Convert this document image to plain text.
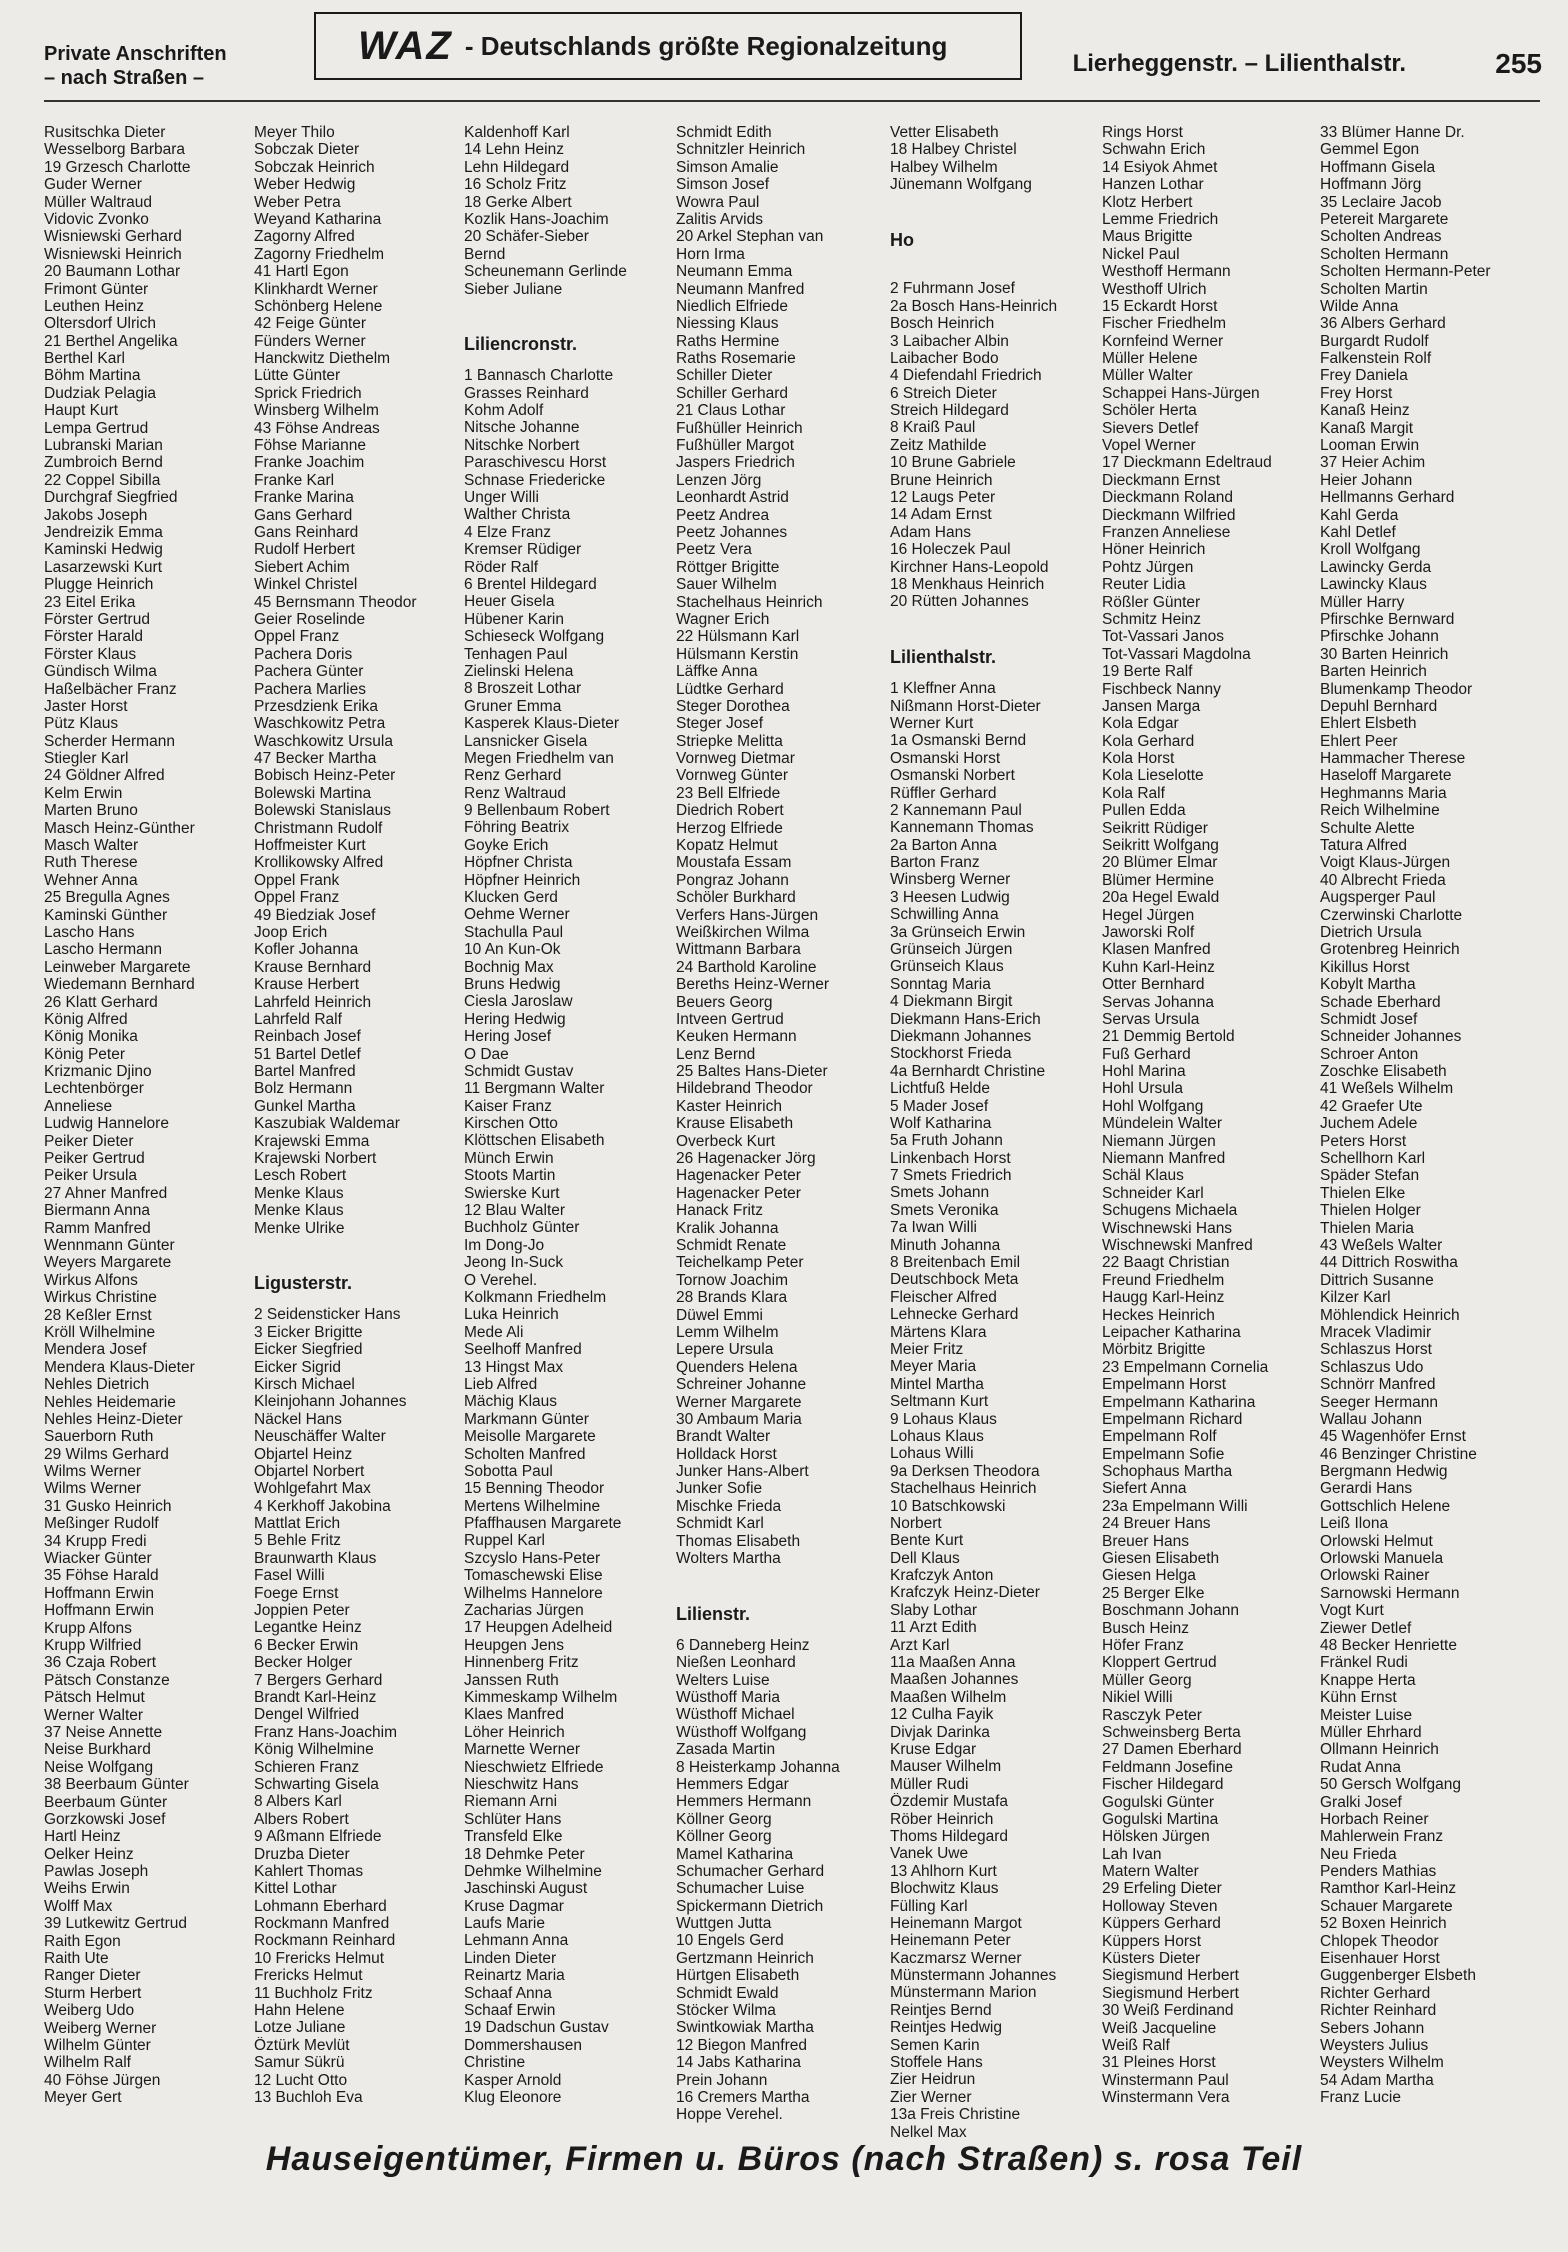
Private Anschriften
– nach Straßen –
WAZ - Deutschlands größte Regionalzeitung
Lierheggenstr. – Lilienthalstr.	255
Rusitschka Dieter
Wesselborg Barbara
19 Grzesch Charlotte
Guder Werner
Müller Waltraud
Vidovic Zvonko
Wisniewski Gerhard
Wisniewski Heinrich
20 Baumann Lothar
Frimont Günter
Leuthen Heinz
Oltersdorf Ulrich
21 Berthel Angelika
Berthel Karl
Böhm Martina
Dudziak Pelagia
Haupt Kurt
Lempa Gertrud
Lubranski Marian
Zumbroich Bernd
22 Coppel Sibilla
Durchgraf Siegfried
Jakobs Joseph
Jendreizik Emma
Kaminski Hedwig
Lasarzewski Kurt
Plugge Heinrich
23 Eitel Erika
Förster Gertrud
Förster Harald
Förster Klaus
Gündisch Wilma
Haßelbächer Franz
Jaster Horst
Pütz Klaus
Scherder Hermann
Stiegler Karl
24 Göldner Alfred
Kelm Erwin
Marten Bruno
Masch Heinz-Günther
Masch Walter
Ruth Therese
Wehner Anna
25 Bregulla Agnes
Kaminski Günther
Lascho Hans
Lascho Hermann
Leinweber Margarete
Wiedemann Bernhard
26 Klatt Gerhard
König Alfred
König Monika
König Peter
Krizmanic Djino
Lechtenbörger
Anneliese
Ludwig Hannelore
Peiker Dieter
Peiker Gertrud
Peiker Ursula
27 Ahner Manfred
Biermann Anna
Ramm Manfred
Wennmann Günter
Weyers Margarete
Wirkus Alfons
Wirkus Christine
28 Keßler Ernst
Kröll Wilhelmine
Mendera Josef
Mendera Klaus-Dieter
Nehles Dietrich
Nehles Heidemarie
Nehles Heinz-Dieter
Sauerborn Ruth
29 Wilms Gerhard
Wilms Werner
Wilms Werner
31 Gusko Heinrich
Meßinger Rudolf
34 Krupp Fredi
Wiacker Günter
35 Föhse Harald
Hoffmann Erwin
Hoffmann Erwin
Krupp Alfons
Krupp Wilfried
36 Czaja Robert
Pätsch Constanze
Pätsch Helmut
Werner Walter
37 Neise Annette
Neise Burkhard
Neise Wolfgang
38 Beerbaum Günter
Beerbaum Günter
Gorzkowski Josef
Hartl Heinz
Oelker Heinz
Pawlas Joseph
Weihs Erwin
Wolff Max
39 Lutkewitz Gertrud
Raith Egon
Raith Ute
Ranger Dieter
Sturm Herbert
Weiberg Udo
Weiberg Werner
Wilhelm Günter
Wilhelm Ralf
40 Föhse Jürgen
Meyer Gert
Meyer Thilo
Sobczak Dieter
Sobczak Heinrich
Weber Hedwig
Weber Petra
Weyand Katharina
Zagorny Alfred
Zagorny Friedhelm
41 Hartl Egon
Klinkhardt Werner
Schönberg Helene
42 Feige Günter
Fünders Werner
Hanckwitz Diethelm
Lütte Günter
Sprick Friedrich
Winsberg Wilhelm
43 Föhse Andreas
Föhse Marianne
Franke Joachim
Franke Karl
Franke Marina
Gans Gerhard
Gans Reinhard
Rudolf Herbert
Siebert Achim
Winkel Christel
45 Bernsmann Theodor
Geier Roselinde
Oppel Franz
Pachera Doris
Pachera Günter
Pachera Marlies
Przesdzienk Erika
Waschkowitz Petra
Waschkowitz Ursula
47 Becker Martha
Bobisch Heinz-Peter
Bolewski Martina
Bolewski Stanislaus
Christmann Rudolf
Hoffmeister Kurt
Krollikowsky Alfred
Oppel Frank
Oppel Franz
49 Biedziak Josef
Joop Erich
Kofler Johanna
Krause Bernhard
Krause Herbert
Lahrfeld Heinrich
Lahrfeld Ralf
Reinbach Josef
51 Bartel Detlef
Bartel Manfred
Bolz Hermann
Gunkel Martha
Kaszubiak Waldemar
Krajewski Emma
Krajewski Norbert
Lesch Robert
Menke Klaus
Menke Klaus
Menke Ulrike
Ligusterstr.
2 Seidensticker Hans
3 Eicker Brigitte
Eicker Siegfried
Eicker Sigrid
Kirsch Michael
Kleinjohann Johannes
Näckel Hans
Neuschäffer Walter
Objartel Heinz
Objartel Norbert
Wohlgefahrt Max
4 Kerkhoff Jakobina
Mattlat Erich
5 Behle Fritz
Braunwarth Klaus
Fasel Willi
Foege Ernst
Joppien Peter
Legantke Heinz
6 Becker Erwin
Becker Holger
7 Bergers Gerhard
Brandt Karl-Heinz
Dengel Wilfried
Franz Hans-Joachim
König Wilhelmine
Schieren Franz
Schwarting Gisela
8 Albers Karl
Albers Robert
9 Aßmann Elfriede
Druzba Dieter
Kahlert Thomas
Kittel Lothar
Lohmann Eberhard
Rockmann Manfred
Rockmann Reinhard
10 Frericks Helmut
Frericks Helmut
11 Buchholz Fritz
Hahn Helene
Lotze Juliane
Öztürk Mevlüt
Samur Sükrü
12 Lucht Otto
13 Buchloh Eva
Kaldenhoff Karl
14 Lehn Heinz
Lehn Hildegard
16 Scholz Fritz
18 Gerke Albert
Kozlik Hans-Joachim
20 Schäfer-Sieber
Bernd
Scheunemann Gerlinde
Sieber Juliane
Liliencronstr.
1 Bannasch Charlotte
Grasses Reinhard
Kohm Adolf
Nitsche Johanne
Nitschke Norbert
Paraschivescu Horst
Schnase Friedericke
Unger Willi
Walther Christa
4 Elze Franz
Kremser Rüdiger
Röder Ralf
6 Brentel Hildegard
Heuer Gisela
Hübener Karin
Schieseck Wolfgang
Tenhagen Paul
Zielinski Helena
8 Broszeit Lothar
Gruner Emma
Kasperek Klaus-Dieter
Lansnicker Gisela
Megen Friedhelm van
Renz Gerhard
Renz Waltraud
9 Bellenbaum Robert
Föhring Beatrix
Goyke Erich
Höpfner Christa
Höpfner Heinrich
Klucken Gerd
Oehme Werner
Stachulla Paul
10 An Kun-Ok
Bochnig Max
Bruns Hedwig
Ciesla Jaroslaw
Hering Hedwig
Hering Josef
O Dae
Schmidt Gustav
11 Bergmann Walter
Kaiser Franz
Kirschen Otto
Klöttschen Elisabeth
Münch Erwin
Stoots Martin
Swierske Kurt
12 Blau Walter
Buchholz Günter
Im Dong-Jo
Jeong In-Suck
O Verehel.
Kolkmann Friedhelm
Luka Heinrich
Mede Ali
Seelhoff Manfred
13 Hingst Max
Lieb Alfred
Mächig Klaus
Markmann Günter
Meisolle Margarete
Scholten Manfred
Sobotta Paul
15 Benning Theodor
Mertens Wilhelmine
Pfaffhausen Margarete
Ruppel Karl
Szcyslo Hans-Peter
Tomaschewski Elise
Wilhelms Hannelore
Zacharias Jürgen
17 Heupgen Adelheid
Heupgen Jens
Hinnenberg Fritz
Janssen Ruth
Kimmeskamp Wilhelm
Klaes Manfred
Löher Heinrich
Marnette Werner
Nieschwietz Elfriede
Nieschwitz Hans
Riemann Arni
Schlüter Hans
Transfeld Elke
18 Dehmke Peter
Dehmke Wilhelmine
Jaschinski August
Kruse Dagmar
Laufs Marie
Lehmann Anna
Linden Dieter
Reinartz Maria
Schaaf Anna
Schaaf Erwin
19 Dadschun Gustav
Dommershausen
Christine
Kasper Arnold
Klug Eleonore
Schmidt Edith
Schnitzler Heinrich
Simson Amalie
Simson Josef
Wowra Paul
Zalitis Arvids
20 Arkel Stephan van
Horn Irma
Neumann Emma
Neumann Manfred
Niedlich Elfriede
Niessing Klaus
Raths Hermine
Raths Rosemarie
Schiller Dieter
Schiller Gerhard
21 Claus Lothar
Fußhüller Heinrich
Fußhüller Margot
Jaspers Friedrich
Lenzen Jörg
Leonhardt Astrid
Peetz Andrea
Peetz Johannes
Peetz Vera
Röttger Brigitte
Sauer Wilhelm
Stachelhaus Heinrich
Wagner Erich
22 Hülsmann Karl
Hülsmann Kerstin
Läffke Anna
Lüdtke Gerhard
Steger Dorothea
Steger Josef
Striepke Melitta
Vornweg Dietmar
Vornweg Günter
23 Bell Elfriede
Diedrich Robert
Herzog Elfriede
Kopatz Helmut
Moustafa Essam
Pongraz Johann
Schöler Burkhard
Verfers Hans-Jürgen
Weißkirchen Wilma
Wittmann Barbara
24 Barthold Karoline
Bereths Heinz-Werner
Beuers Georg
Intveen Gertrud
Keuken Hermann
Lenz Bernd
25 Baltes Hans-Dieter
Hildebrand Theodor
Kaster Heinrich
Krause Elisabeth
Overbeck Kurt
26 Hagenacker Jörg
Hagenacker Peter
Hagenacker Peter
Hanack Fritz
Kralik Johanna
Schmidt Renate
Teichelkamp Peter
Tornow Joachim
28 Brands Klara
Düwel Emmi
Lemm Wilhelm
Lepere Ursula
Quenders Helena
Schreiner Johanne
Werner Margarete
30 Ambaum Maria
Brandt Walter
Holldack Horst
Junker Hans-Albert
Junker Sofie
Mischke Frieda
Schmidt Karl
Thomas Elisabeth
Wolters Martha
Lilienstr.
6 Danneberg Heinz
Nießen Leonhard
Welters Luise
Wüsthoff Maria
Wüsthoff Michael
Wüsthoff Wolfgang
Zasada Martin
8 Heisterkamp Johanna
Hemmers Edgar
Hemmers Hermann
Köllner Georg
Köllner Georg
Mamel Katharina
Schumacher Gerhard
Schumacher Luise
Spickermann Dietrich
Wuttgen Jutta
10 Engels Gerd
Gertzmann Heinrich
Hürtgen Elisabeth
Schmidt Ewald
Stöcker Wilma
Swintkowiak Martha
12 Biegon Manfred
14 Jabs Katharina
Prein Johann
16 Cremers Martha
Hoppe Verehel.
Vetter Elisabeth
18 Halbey Christel
Halbey Wilhelm
Jünemann Wolfgang
Ho
2 Fuhrmann Josef
2a Bosch Hans-Heinrich
Bosch Heinrich
3 Laibacher Albin
Laibacher Bodo
4 Diefendahl Friedrich
6 Streich Dieter
Streich Hildegard
8 Kraiß Paul
Zeitz Mathilde
10 Brune Gabriele
Brune Heinrich
12 Laugs Peter
14 Adam Ernst
Adam Hans
16 Holeczek Paul
Kirchner Hans-Leopold
18 Menkhaus Heinrich
20 Rütten Johannes
Lilienthalstr.
1 Kleffner Anna
Nißmann Horst-Dieter
Werner Kurt
1a Osmanski Bernd
Osmanski Horst
Osmanski Norbert
Rüffler Gerhard
2 Kannemann Paul
Kannemann Thomas
2a Barton Anna
Barton Franz
Winsberg Werner
3 Heesen Ludwig
Schwilling Anna
3a Grünseich Erwin
Grünseich Jürgen
Grünseich Klaus
Sonntag Maria
4 Diekmann Birgit
Diekmann Hans-Erich
Diekmann Johannes
Stockhorst Frieda
4a Bernhardt Christine
Lichtfuß Helde
5 Mader Josef
Wolf Katharina
5a Fruth Johann
Linkenbach Horst
7 Smets Friedrich
Smets Johann
Smets Veronika
7a Iwan Willi
Minuth Johanna
8 Breitenbach Emil
Deutschbock Meta
Fleischer Alfred
Lehnecke Gerhard
Märtens Klara
Meier Fritz
Meyer Maria
Mintel Martha
Seltmann Kurt
9 Lohaus Klaus
Lohaus Klaus
Lohaus Willi
9a Derksen Theodora
Stachelhaus Heinrich
10 Batschkowski
Norbert
Bente Kurt
Dell Klaus
Krafczyk Anton
Krafczyk Heinz-Dieter
Slaby Lothar
11 Arzt Edith
Arzt Karl
11a Maaßen Anna
Maaßen Johannes
Maaßen Wilhelm
12 Culha Fayik
Divjak Darinka
Kruse Edgar
Mauser Wilhelm
Müller Rudi
Özdemir Mustafa
Röber Heinrich
Thoms Hildegard
Vanek Uwe
13 Ahlhorn Kurt
Blochwitz Klaus
Fülling Karl
Heinemann Margot
Heinemann Peter
Kaczmarsz Werner
Münstermann Johannes
Münstermann Marion
Reintjes Bernd
Reintjes Hedwig
Semen Karin
Stoffele Hans
Zier Heidrun
Zier Werner
13a Freis Christine
Nelkel Max
Rings Horst
Schwahn Erich
14 Esiyok Ahmet
Hanzen Lothar
Klotz Herbert
Lemme Friedrich
Maus Brigitte
Nickel Paul
Westhoff Hermann
Westhoff Ulrich
15 Eckardt Horst
Fischer Friedhelm
Kornfeind Werner
Müller Helene
Müller Walter
Schappei Hans-Jürgen
Schöler Herta
Sievers Detlef
Vopel Werner
17 Dieckmann Edeltraud
Dieckmann Ernst
Dieckmann Roland
Dieckmann Wilfried
Franzen Anneliese
Höner Heinrich
Pohtz Jürgen
Reuter Lidia
Rößler Günter
Schmitz Heinz
Tot-Vassari Janos
Tot-Vassari Magdolna
19 Berte Ralf
Fischbeck Nanny
Jansen Marga
Kola Edgar
Kola Gerhard
Kola Horst
Kola Lieselotte
Kola Ralf
Pullen Edda
Seikritt Rüdiger
Seikritt Wolfgang
20 Blümer Elmar
Blümer Hermine
20a Hegel Ewald
Hegel Jürgen
Jaworski Rolf
Klasen Manfred
Kuhn Karl-Heinz
Otter Bernhard
Servas Johanna
Servas Ursula
21 Demmig Bertold
Fuß Gerhard
Hohl Marina
Hohl Ursula
Hohl Wolfgang
Mündelein Walter
Niemann Jürgen
Niemann Manfred
Schäl Klaus
Schneider Karl
Schugens Michaela
Wischnewski Hans
Wischnewski Manfred
22 Baagt Christian
Freund Friedhelm
Haugg Karl-Heinz
Heckes Heinrich
Leipacher Katharina
Mörbitz Brigitte
23 Empelmann Cornelia
Empelmann Horst
Empelmann Katharina
Empelmann Richard
Empelmann Rolf
Empelmann Sofie
Schophaus Martha
Siefert Anna
23a Empelmann Willi
24 Breuer Hans
Breuer Hans
Giesen Elisabeth
Giesen Helga
25 Berger Elke
Boschmann Johann
Busch Heinz
Höfer Franz
Kloppert Gertrud
Müller Georg
Nikiel Willi
Rasczyk Peter
Schweinsberg Berta
27 Damen Eberhard
Feldmann Josefine
Fischer Hildegard
Gogulski Günter
Gogulski Martina
Hölsken Jürgen
Lah Ivan
Matern Walter
29 Erfeling Dieter
Holloway Steven
Küppers Gerhard
Küppers Horst
Küsters Dieter
Siegismund Herbert
Siegismund Herbert
30 Weiß Ferdinand
Weiß Jacqueline
Weiß Ralf
31 Pleines Horst
Winstermann Paul
Winstermann Vera
33 Blümer Hanne Dr.
Gemmel Egon
Hoffmann Gisela
Hoffmann Jörg
35 Leclaire Jacob
Petereit Margarete
Scholten Andreas
Scholten Hermann
Scholten Hermann-Peter
Scholten Martin
Wilde Anna
36 Albers Gerhard
Burgardt Rudolf
Falkenstein Rolf
Frey Daniela
Frey Horst
Kanaß Heinz
Kanaß Margit
Looman Erwin
37 Heier Achim
Heier Johann
Hellmanns Gerhard
Kahl Gerda
Kahl Detlef
Kroll Wolfgang
Lawincky Gerda
Lawincky Klaus
Müller Harry
Pfirschke Bernward
Pfirschke Johann
30 Barten Heinrich
Barten Heinrich
Blumenkamp Theodor
Depuhl Bernhard
Ehlert Elsbeth
Ehlert Peer
Hammacher Therese
Haseloff Margarete
Heghmanns Maria
Reich Wilhelmine
Schulte Alette
Tatura Alfred
Voigt Klaus-Jürgen
40 Albrecht Frieda
Augsperger Paul
Czerwinski Charlotte
Dietrich Ursula
Grotenbreg Heinrich
Kikillus Horst
Kobylt Martha
Schade Eberhard
Schmidt Josef
Schneider Johannes
Schroer Anton
Zoschke Elisabeth
41 Weßels Wilhelm
42 Graefer Ute
Juchem Adele
Peters Horst
Schellhorn Karl
Späder Stefan
Thielen Elke
Thielen Holger
Thielen Maria
43 Weßels Walter
44 Dittrich Roswitha
Dittrich Susanne
Kilzer Karl
Möhlendick Heinrich
Mracek Vladimir
Schlaszus Horst
Schlaszus Udo
Schnörr Manfred
Seeger Hermann
Wallau Johann
45 Wagenhöfer Ernst
46 Benzinger Christine
Bergmann Hedwig
Gerardi Hans
Gottschlich Helene
Leiß Ilona
Orlowski Helmut
Orlowski Manuela
Orlowski Rainer
Sarnowski Hermann
Vogt Kurt
Ziewer Detlef
48 Becker Henriette
Fränkel Rudi
Knappe Herta
Kühn Ernst
Meister Luise
Müller Ehrhard
Ollmann Heinrich
Rudat Anna
50 Gersch Wolfgang
Gralki Josef
Horbach Reiner
Mahlerwein Franz
Neu Frieda
Penders Mathias
Ramthor Karl-Heinz
Schauer Margarete
52 Boxen Heinrich
Chlopek Theodor
Eisenhauer Horst
Guggenberger Elsbeth
Richter Gerhard
Richter Reinhard
Sebers Johann
Weysters Julius
Weysters Wilhelm
54 Adam Martha
Franz Lucie
Hauseigentümer, Firmen u. Büros (nach Straßen) s. rosa Teil
